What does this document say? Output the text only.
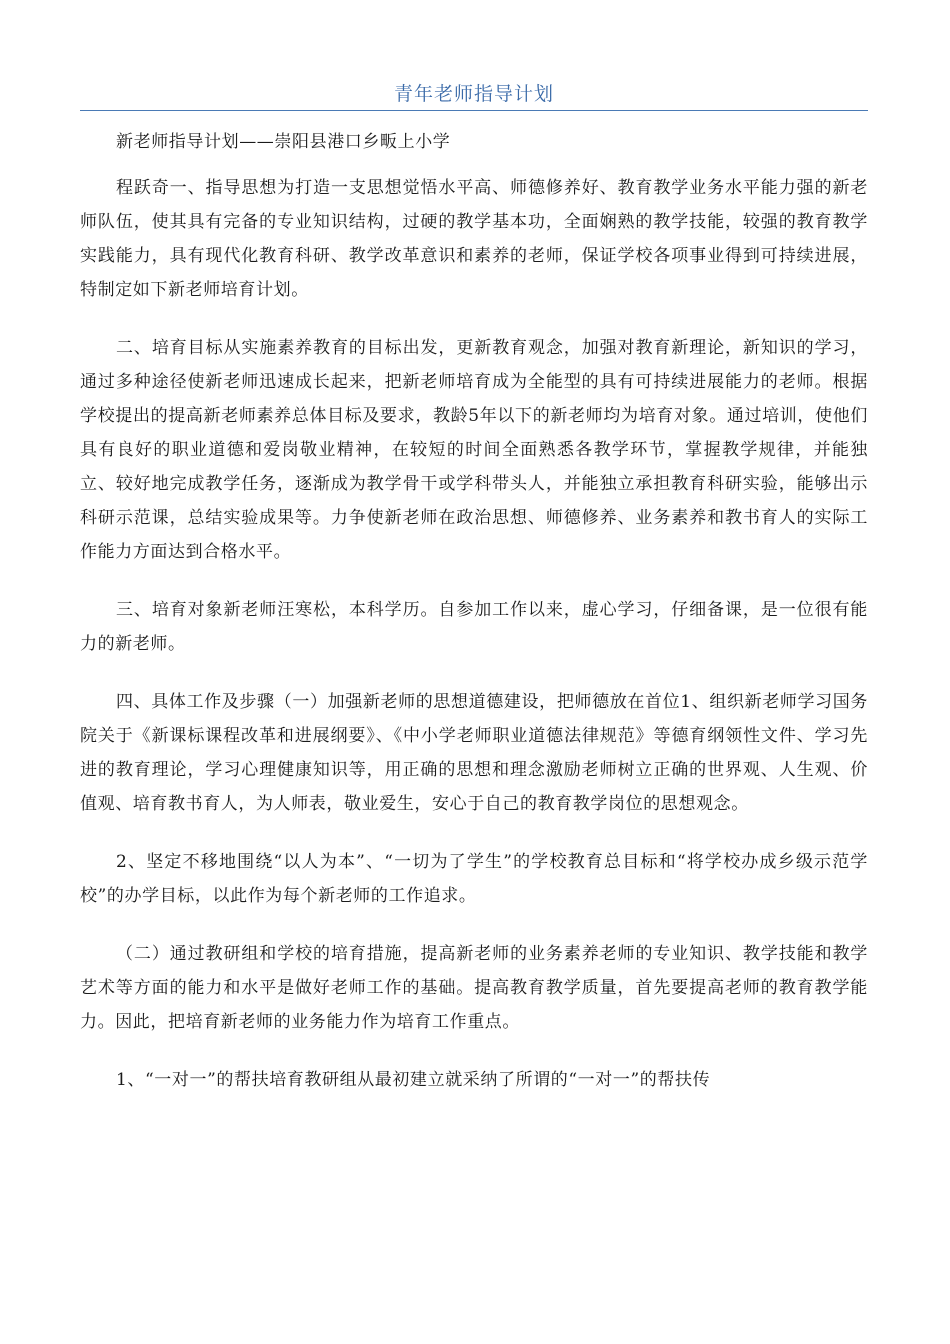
青年老师指导计划

新老师指导计划——崇阳县港口乡畈上小学

程跃奇一、指导思想为打造一支思想觉悟水平高、师德修养好、教育教学业务水平能力强的新老师队伍，使其具有完备的专业知识结构，过硬的教学基本功，全面娴熟的教学技能，较强的教育教学实践能力，具有现代化教育科研、教学改革意识和素养的老师，保证学校各项事业得到可持续进展，特制定如下新老师培育计划。

二、培育目标从实施素养教育的目标出发，更新教育观念，加强对教育新理论，新知识的学习，通过多种途径使新老师迅速成长起来，把新老师培育成为全能型的具有可持续进展能力的老师。根据学校提出的提高新老师素养总体目标及要求，教龄5年以下的新老师均为培育对象。通过培训，使他们具有良好的职业道德和爱岗敬业精神，在较短的时间全面熟悉各教学环节，掌握教学规律，并能独立、较好地完成教学任务，逐渐成为教学骨干或学科带头人，并能独立承担教育科研实验，能够出示科研示范课，总结实验成果等。力争使新老师在政治思想、师德修养、业务素养和教书育人的实际工作能力方面达到合格水平。

三、培育对象新老师汪寒松，本科学历。自参加工作以来，虚心学习，仔细备课，是一位很有能力的新老师。

四、具体工作及步骤（一）加强新老师的思想道德建设，把师德放在首位1、组织新老师学习国务院关于《新课标课程改革和进展纲要》、《中小学老师职业道德法律规范》等德育纲领性文件、学习先进的教育理论，学习心理健康知识等，用正确的思想和理念激励老师树立正确的世界观、人生观、价值观、培育教书育人，为人师表，敬业爱生，安心于自己的教育教学岗位的思想观念。

2、坚定不移地围绕“以人为本”、“一切为了学生”的学校教育总目标和“将学校办成乡级示范学校”的办学目标，以此作为每个新老师的工作追求。

（二）通过教研组和学校的培育措施，提高新老师的业务素养老师的专业知识、教学技能和教学艺术等方面的能力和水平是做好老师工作的基础。提高教育教学质量，首先要提高老师的教育教学能力。因此，把培育新老师的业务能力作为培育工作重点。

1、“一对一”的帮扶培育教研组从最初建立就采纳了所谓的“一对一”的帮扶传
